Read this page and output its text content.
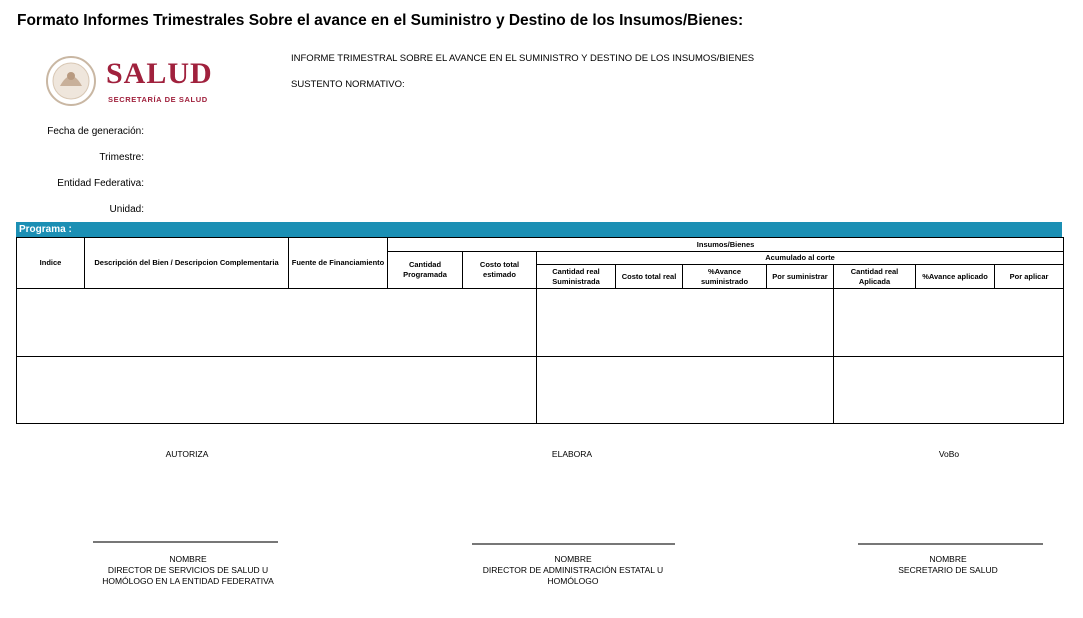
Formato Informes Trimestrales Sobre el avance en el Suministro y Destino de los Insumos/Bienes:
SALUD
SECRETARÍA DE SALUD
INFORME TRIMESTRAL SOBRE EL AVANCE EN EL SUMINISTRO Y DESTINO DE LOS INSUMOS/BIENES
SUSTENTO NORMATIVO:
Fecha de generación:
Trimestre:
Entidad Federativa:
Unidad:
Programa :
Indice	Descripción del Bien / Descripcion Complementaria	Fuente de Financiamiento	Insumos/Bienes								
			Cantidad Programada	Costo total estimado	Acumulado al corte						
					Cantidad real Suministrada	Costo total real	%Avance suministrado	Por suministrar	Cantidad real Aplicada	%Avance aplicado	Por aplicar

AUTORIZA	ELABORA	VoBo
NOMBRE
DIRECTOR DE SERVICIOS DE SALUD U
HOMÓLOGO EN LA ENTIDAD FEDERATIVA
NOMBRE
DIRECTOR DE ADMINISTRACIÓN ESTATAL U
HOMÓLOGO
NOMBRE
SECRETARIO DE SALUD
